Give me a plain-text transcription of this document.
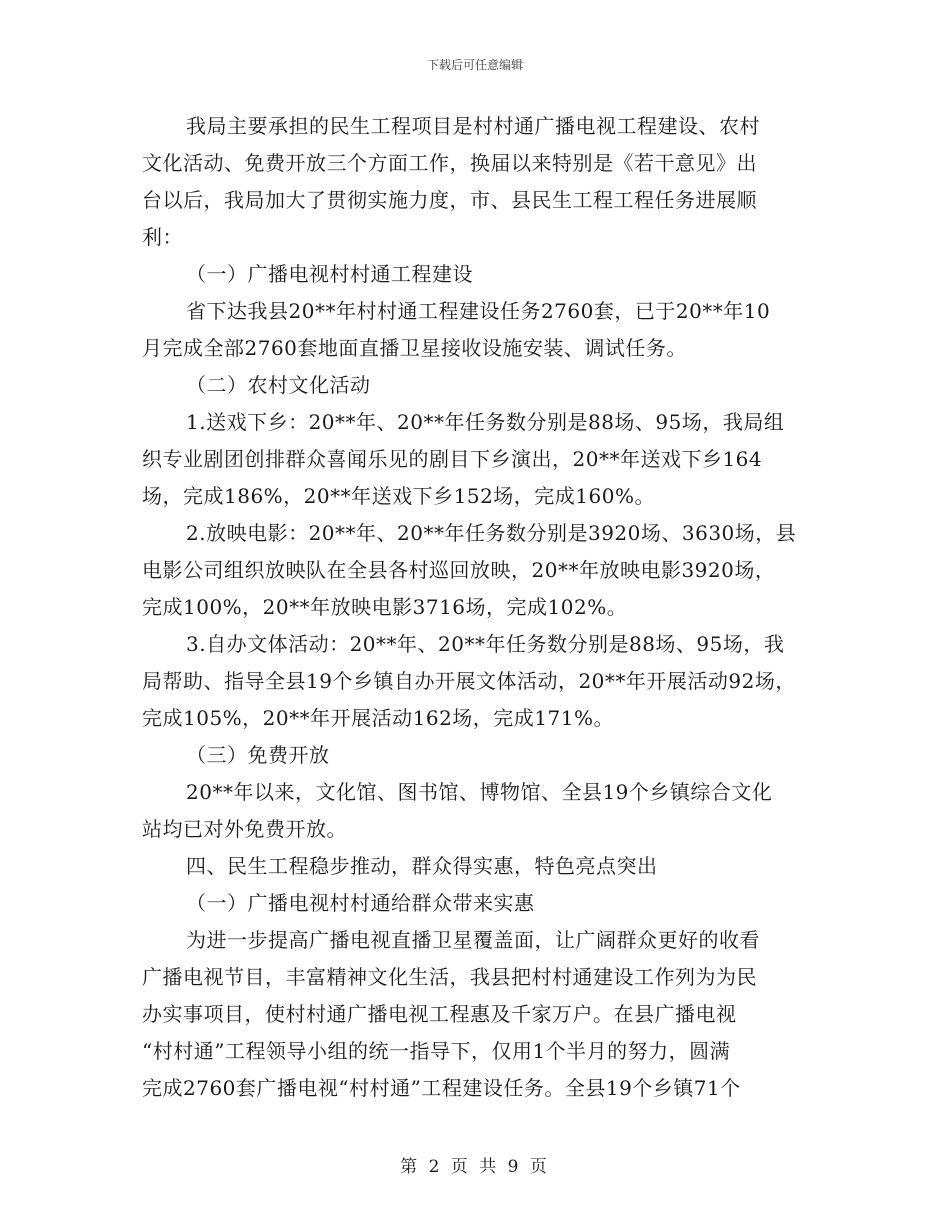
下载后可任意编辑
我局主要承担的民生工程项目是村村通广播电视工程建设、农村
文化活动、免费开放三个方面工作，换届以来特别是《若干意见》出
台以后，我局加大了贯彻实施力度，市、县民生工程工程任务进展顺
利：
（一）广播电视村村通工程建设
省下达我县20**年村村通工程建设任务2760套，已于20**年10
月完成全部2760套地面直播卫星接收设施安装、调试任务。
（二）农村文化活动
1.送戏下乡：20**年、20**年任务数分别是88场、95场，我局组
织专业剧团创排群众喜闻乐见的剧目下乡演出，20**年送戏下乡164
场，完成186%，20**年送戏下乡152场，完成160%。
2.放映电影：20**年、20**年任务数分别是3920场、3630场，县
电影公司组织放映队在全县各村巡回放映，20**年放映电影3920场，
完成100%，20**年放映电影3716场，完成102%。
3.自办文体活动：20**年、20**年任务数分别是88场、95场，我
局帮助、指导全县19个乡镇自办开展文体活动，20**年开展活动92场，
完成105%，20**年开展活动162场，完成171%。
（三）免费开放
20**年以来，文化馆、图书馆、博物馆、全县19个乡镇综合文化
站均已对外免费开放。
四、民生工程稳步推动，群众得实惠，特色亮点突出
（一）广播电视村村通给群众带来实惠
为进一步提高广播电视直播卫星覆盖面，让广阔群众更好的收看
广播电视节目，丰富精神文化生活，我县把村村通建设工作列为为民
办实事项目，使村村通广播电视工程惠及千家万户。在县广播电视
“村村通”工程领导小组的统一指导下，仅用1个半月的努力，圆满
完成2760套广播电视“村村通”工程建设任务。全县19个乡镇71个
第 2 页 共 9 页
